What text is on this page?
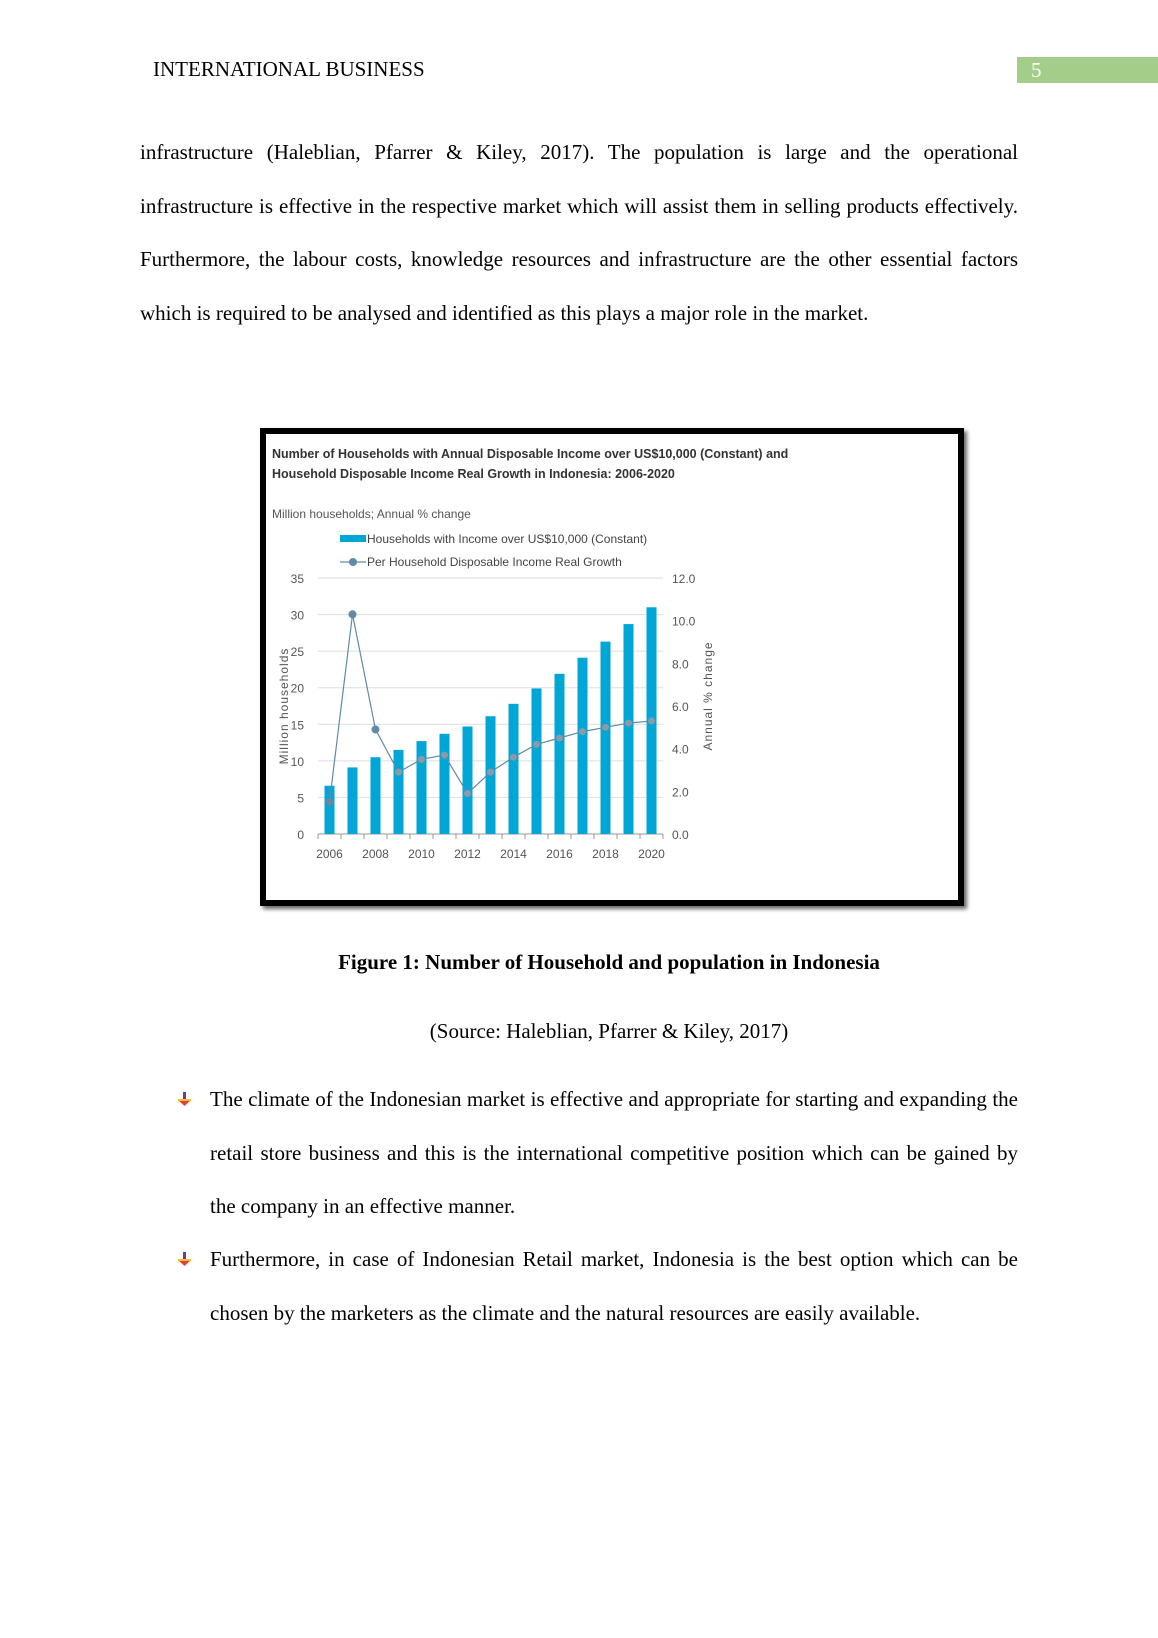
INTERNATIONAL BUSINESS	5

infrastructure (Haleblian, Pfarrer & Kiley, 2017). The population is large and the operational infrastructure is effective in the respective market which will assist them in selling products effectively. Furthermore, the labour costs, knowledge resources and infrastructure are the other essential factors which is required to be analysed and identified as this plays a major role in the market.

Number of Households with Annual Disposable Income over US$10,000 (Constant) and
Household Disposable Income Real Growth in Indonesia: 2006-2020
Million households; Annual % change
Households with Income over US$10,000 (Constant)
Per Household Disposable Income Real Growth
0
5
10
15
20
25
30
35
0.0
2.0
4.0
6.0
8.0
10.0
12.0
2006 2008 2010 2012 2014 2016 2018 2020
Million households	Annual % change
Figure 1: Number of Household and population in Indonesia
(Source: Haleblian, Pfarrer & Kiley, 2017)
The climate of the Indonesian market is effective and appropriate for starting and expanding the retail store business and this is the international competitive position which can be gained by the company in an effective manner.
Furthermore, in case of Indonesian Retail market, Indonesia is the best option which can be chosen by the marketers as the climate and the natural resources are easily available.
